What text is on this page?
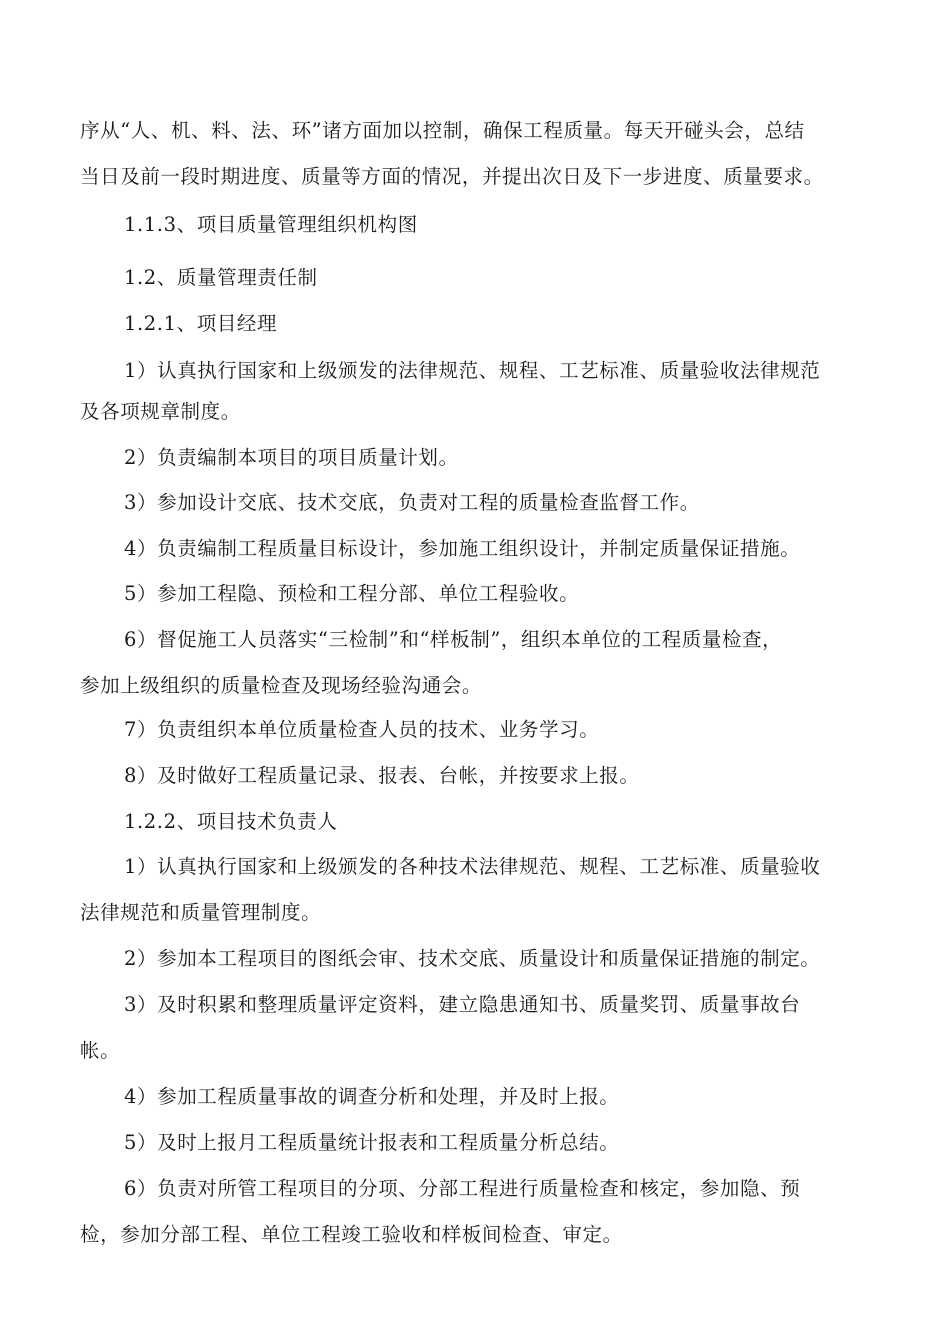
序从“人、机、料、法、环”诸方面加以控制，确保工程质量。每天开碰头会，总结
当日及前一段时期进度、质量等方面的情况，并提出次日及下一步进度、质量要求。
1.1.3、项目质量管理组织机构图
1.2、质量管理责任制
1.2.1、项目经理
1）认真执行国家和上级颁发的法律规范、规程、工艺标准、质量验收法律规范
及各项规章制度。
2）负责编制本项目的项目质量计划。
3）参加设计交底、技术交底，负责对工程的质量检查监督工作。
4）负责编制工程质量目标设计，参加施工组织设计，并制定质量保证措施。
5）参加工程隐、预检和工程分部、单位工程验收。
6）督促施工人员落实“三检制”和“样板制”，组织本单位的工程质量检查，
参加上级组织的质量检查及现场经验沟通会。
7）负责组织本单位质量检查人员的技术、业务学习。
8）及时做好工程质量记录、报表、台帐，并按要求上报。
1.2.2、项目技术负责人
1）认真执行国家和上级颁发的各种技术法律规范、规程、工艺标准、质量验收
法律规范和质量管理制度。
2）参加本工程项目的图纸会审、技术交底、质量设计和质量保证措施的制定。
3）及时积累和整理质量评定资料，建立隐患通知书、质量奖罚、质量事故台
帐。
4）参加工程质量事故的调查分析和处理，并及时上报。
5）及时上报月工程质量统计报表和工程质量分析总结。
6）负责对所管工程项目的分项、分部工程进行质量检查和核定，参加隐、预
检，参加分部工程、单位工程竣工验收和样板间检查、审定。
